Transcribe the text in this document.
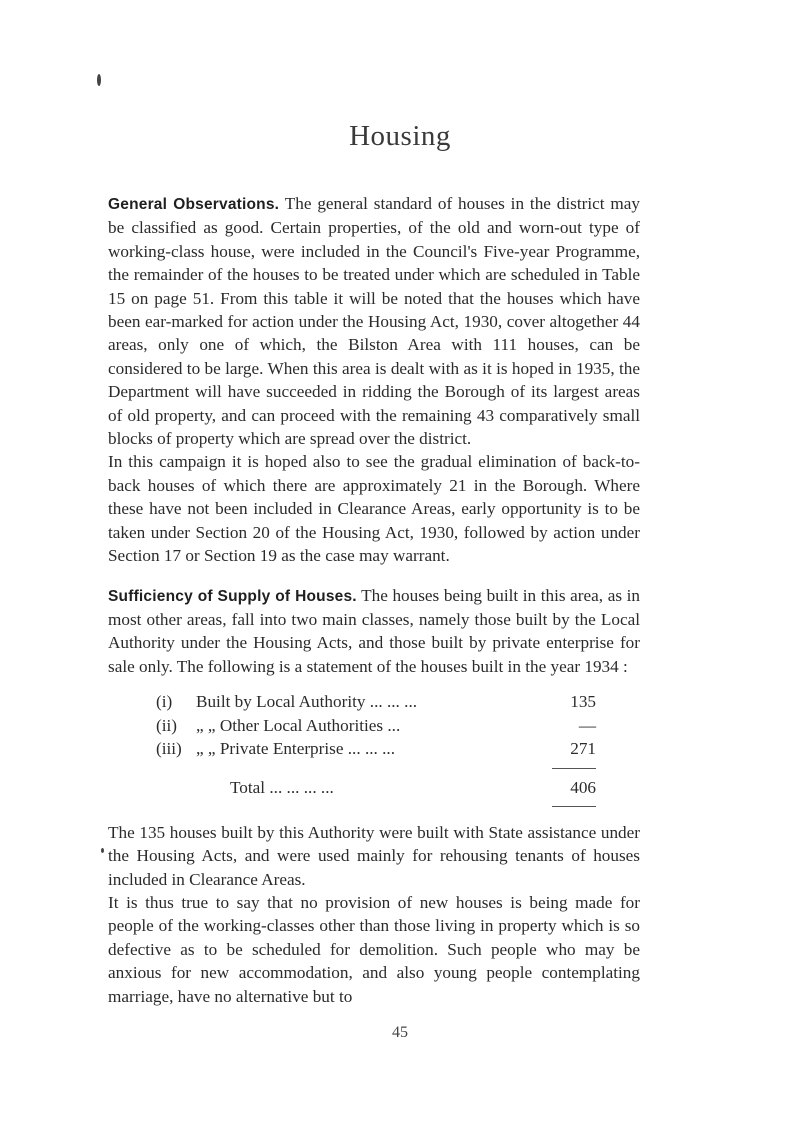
Housing

General Observations. The general standard of houses in the district may be classified as good. Certain properties, of the old and worn-out type of working-class house, were included in the Council's Five-year Programme, the remainder of the houses to be treated under which are scheduled in Table 15 on page 51. From this table it will be noted that the houses which have been ear-marked for action under the Housing Act, 1930, cover altogether 44 areas, only one of which, the Bilston Area with 111 houses, can be considered to be large. When this area is dealt with as it is hoped in 1935, the Department will have succeeded in ridding the Borough of its largest areas of old property, and can proceed with the remaining 43 comparatively small blocks of property which are spread over the district.

In this campaign it is hoped also to see the gradual elimination of back-to-back houses of which there are approximately 21 in the Borough. Where these have not been included in Clearance Areas, early opportunity is to be taken under Section 20 of the Housing Act, 1930, followed by action under Section 17 or Section 19 as the case may warrant.

Sufficiency of Supply of Houses. The houses being built in this area, as in most other areas, fall into two main classes, namely those built by the Local Authority under the Housing Acts, and those built by private enterprise for sale only. The following is a statement of the houses built in the year 1934 :

(i)	Built by Local Authority ... ... ...	135
(ii)	„ „ Other Local Authorities ...	—
(iii) „ „ Private Enterprise ... ... ...	271
Total ... ... ... ...	406

The 135 houses built by this Authority were built with State assistance under the Housing Acts, and were used mainly for rehousing tenants of houses included in Clearance Areas.

It is thus true to say that no provision of new houses is being made for people of the working-classes other than those living in property which is so defective as to be scheduled for demolition. Such people who may be anxious for new accommodation, and also young people contemplating marriage, have no alternative but to

45
